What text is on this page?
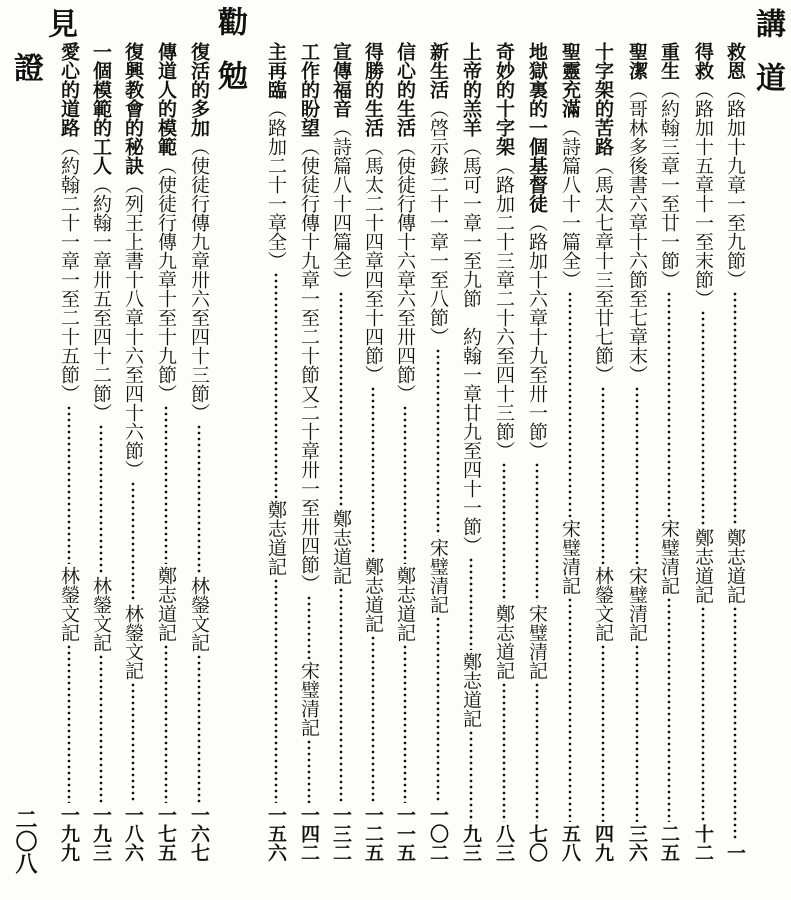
講道
勸勉
見
證
二〇八
救恩
（路加十九章一至九節）
鄭志道記
一
得救
（路加十五章十一至末節）
鄭志道記
十二
重生
（約翰三章一至廿一節）
宋璧清記
二五
聖潔
（哥林多後書六章十六節至七章末）
宋璧清記
三六
十字架的苦路
（馬太七章十三至廿七節）
林鎣文記
四九
聖靈充滿
（詩篇八十一篇全）
宋璧清記
五八
地獄裏的一個基督徒
（路加十六章十九至卅一節）
宋璧清記
七〇
奇妙的十字架
（路加二十三章二十六至四十三節）
鄭志道記
八三
上帝的羔羊
（馬可一章一至九節　約翰一章廿九至四十一節）
鄭志道記
九三
新生活
（啓示錄二十一章一至八節）
宋璧清記
一〇二
信心的生活
（使徒行傳十六章六至卅四節）
鄭志道記
一一五
得勝的生活
（馬太二十四章四至十四節）
鄭志道記
一二五
宣傳福音
（詩篇八十四篇全）
鄭志道記
一三二
工作的盼望
（使徒行傳十九章一至二十節又二十章卅一至卅四節）
宋璧清記
一四二
主再臨
（路加二十一章全）
鄭志道記
一五六
復活的多加
（使徒行傳九章卅六至四十三節）
林鎣文記
一六七
傳道人的模範
（使徒行傳九章十至十九節）
鄭志道記
一七五
復興教會的秘訣
（列王上書十八章十六至四十六節）
林鎣文記
一八六
一個模範的工人
（約翰一章卅五至四十二節）
林鎣文記
一九三
愛心的道路
（約翰二十一章一至二十五節）
林鎣文記
一九九
